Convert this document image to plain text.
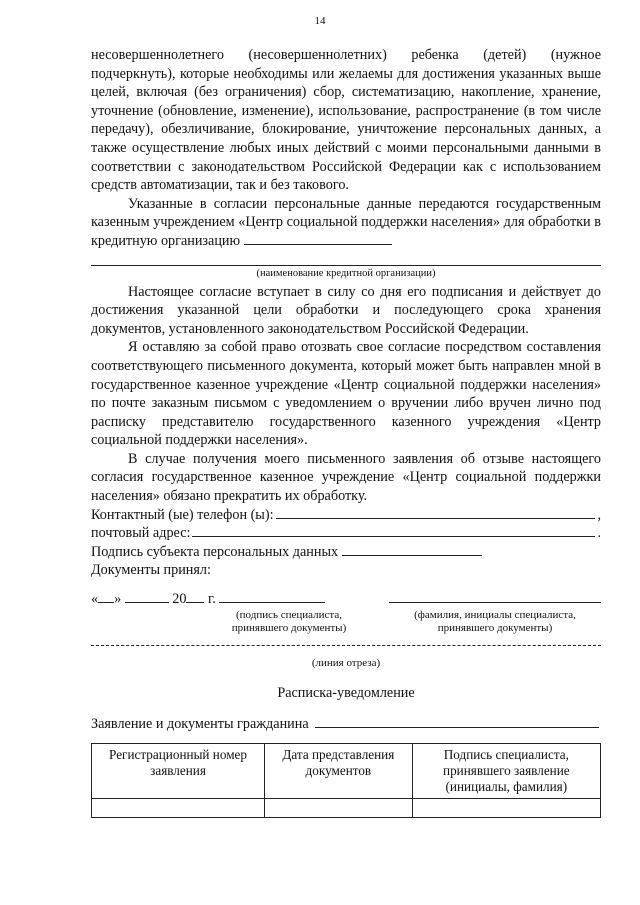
14

несовершеннолетнего (несовершеннолетних) ребенка (детей) (нужное подчеркнуть), которые необходимы или желаемы для достижения указанных выше целей, включая (без ограничения) сбор, систематизацию, накопление, хранение, уточнение (обновление, изменение), использование, распространение (в том числе передачу), обезличивание, блокирование, уничтожение персональных данных, а также осуществление любых иных действий с моими персональными данными в соответствии с законодательством Российской Федерации как с использованием средств автоматизации, так и без такового.

Указанные в согласии персональные данные передаются государственным казенным учреждением «Центр социальной поддержки населения» для обработки в кредитную организацию

(наименование кредитной организации)

Настоящее согласие вступает в силу со дня его подписания и действует до достижения указанной цели обработки и последующего срока хранения документов, установленного законодательством Российской Федерации.

Я оставляю за собой право отозвать свое согласие посредством составления соответствующего письменного документа, который может быть направлен мной в государственное казенное учреждение «Центр социальной поддержки населения» по почте заказным письмом с уведомлением о вручении либо вручен лично под расписку представителю государственного казенного учреждения «Центр социальной поддержки населения».

В случае получения моего письменного заявления об отзыве настоящего согласия государственное казенное учреждение «Центр социальной поддержки населения» обязано прекратить их обработку.

Контактный (ые) телефон (ы):	,
почтовый адрес:	.
Подпись субъекта персональных данных
Документы принял:
« »	20 г.
(подпись специалиста, принявшего документы)
(фамилия, инициалы специалиста, принявшего документы)
(линия отреза)
Расписка-уведомление
Заявление и документы гражданина
Регистрационный номер заявления	Дата представления документов	Подпись специалиста, принявшего заявление (инициалы, фамилия)
